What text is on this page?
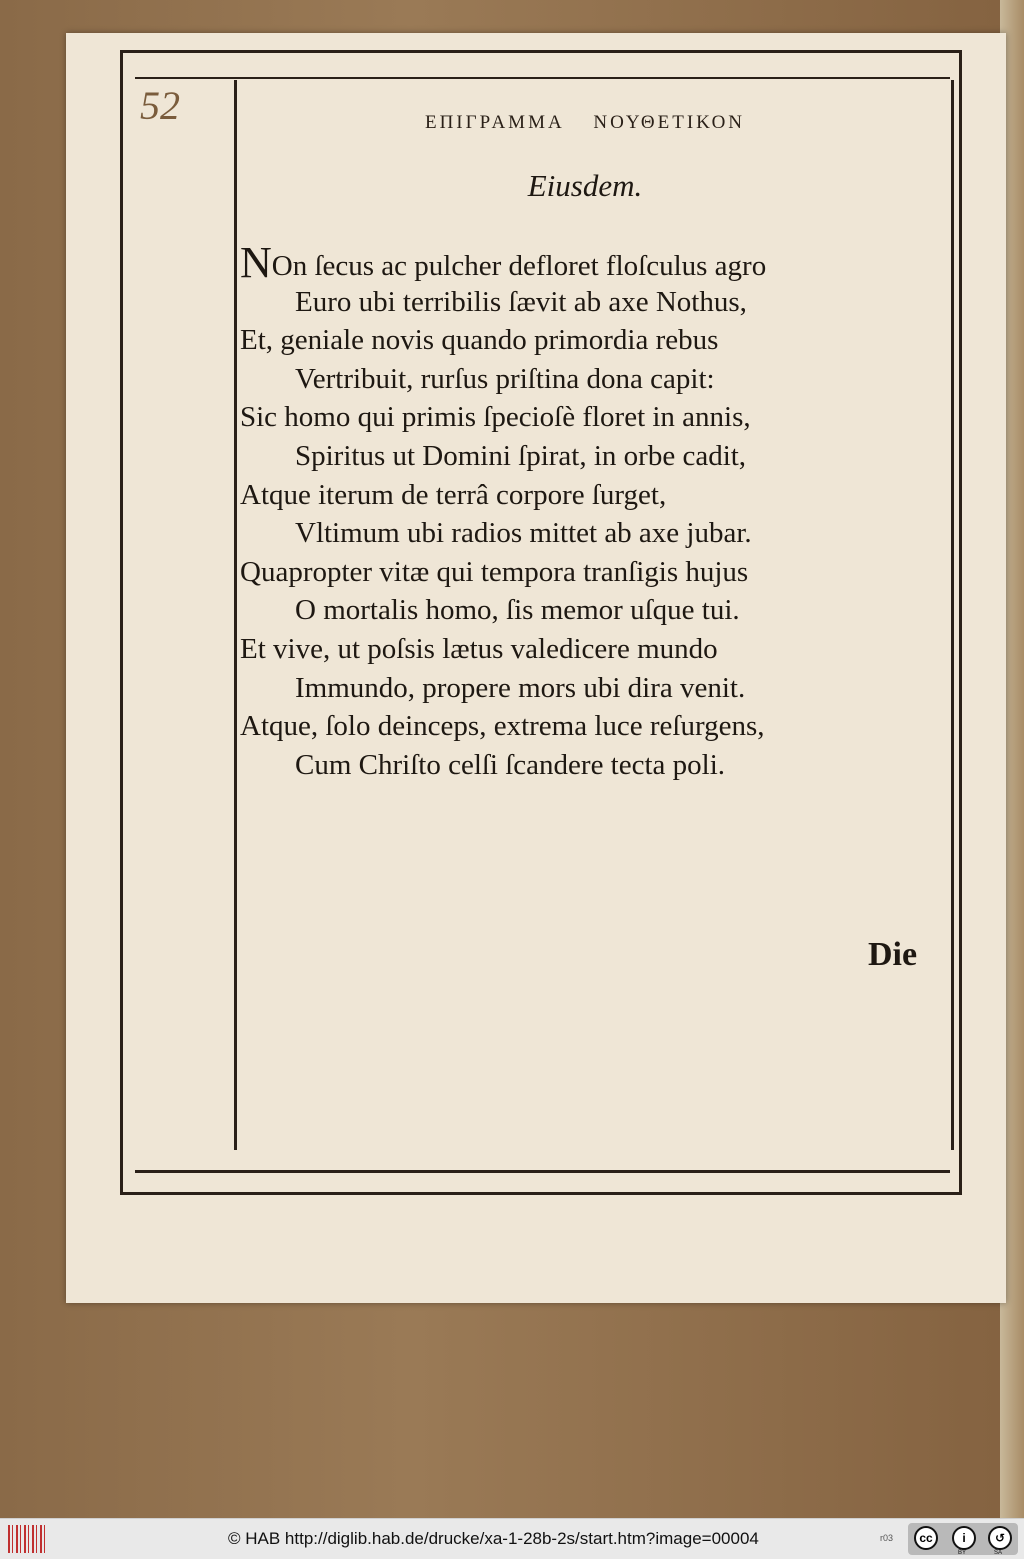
52	ΕΠΙΓΡΑΜΜΑ ΝΟΥΘΕΤΙΚΟΝ
Eiusdem.
NOn ſecus ac pulcher defloret floſculus agro
Euro ubi terribilis ſævit ab axe Nothus,
Et, geniale novis quando primordia rebus
Vertribuit, rurſus priſtina dona capit:
Sic homo qui primis ſpecioſè floret in annis,
Spiritus ut Domini ſpirat, in orbe cadit,
Atque iterum de terrâ corpore ſurget,
Vltimum ubi radios mittet ab axe jubar.
Quapropter vitæ qui tempora tranſigis hujus
O mortalis homo, ſis memor uſque tui.
Et vive, ut poſsis lætus valedicere mundo
Immundo, propere mors ubi dira venit.
Atque, ſolo deinceps, extrema luce reſurgens,
Cum Chriſto celſi ſcandere tecta poli.
Die
© HAB http://diglib.hab.de/drucke/xa-1-28b-2s/start.htm?image=00004	r03	cc	i	↺
BY	SA
